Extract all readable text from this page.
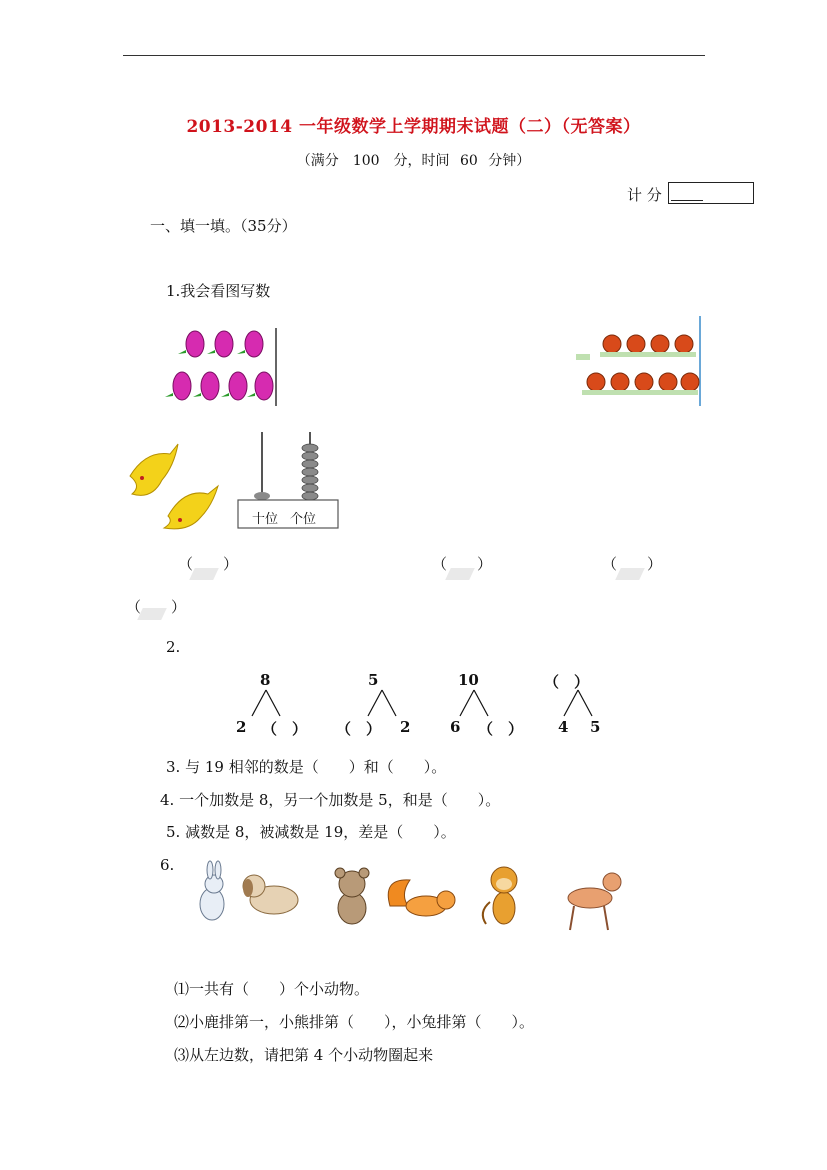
2013-2014 一年级数学上学期期末试题（二）（无答案）
（满分　100　分，时间 60 分钟）
计 分
一、填一填。（35分）
1.我会看图写数
十位 个位
（　　）	（　　）	（　　）
（　　）
2.
8
2 （　）
5
（　） 2
10
6 （　）
（　）
4 5
3. 与 19 相邻的数是（　　）和（　　）。
4. 一个加数是 8，另一个加数是 5，和是（　　）。
5. 减数是 8，被减数是 19，差是（　　）。
6.
⑴一共有（　　）个小动物。
⑵小鹿排第一，小熊排第（　　），小兔排第（　　）。
⑶从左边数，请把第 4 个小动物圈起来
